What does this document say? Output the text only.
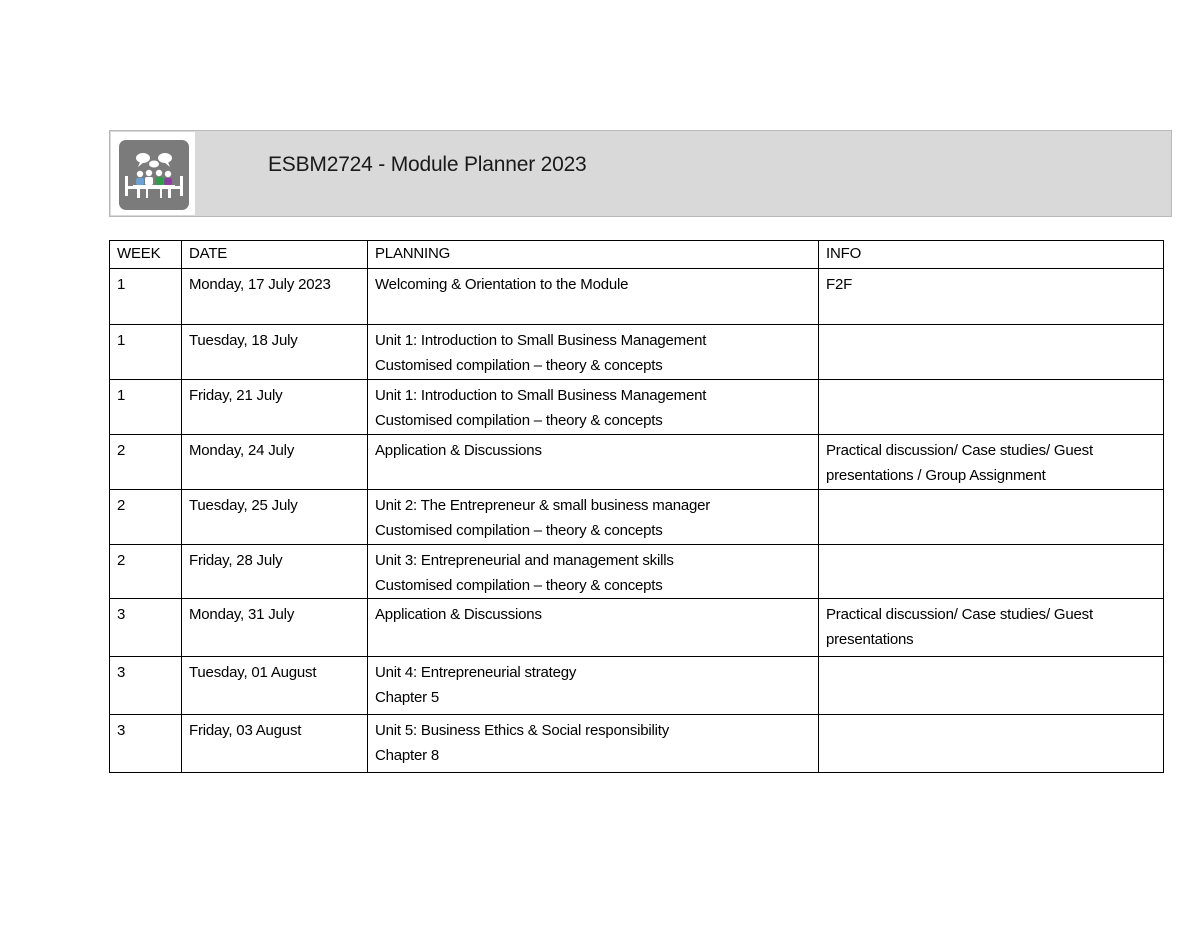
ESBM2724 - Module Planner 2023
WEEK	DATE	PLANNING	INFO
1	Monday, 17 July 2023	Welcoming & Orientation to the Module	F2F

1	Tuesday, 18 July	Unit 1: Introduction to Small Business Management
Customised compilation – theory & concepts	

1	Friday, 21 July	Unit 1: Introduction to Small Business Management
Customised compilation – theory & concepts	

2	Monday, 24 July	Application & Discussions	Practical discussion/ Case studies/ Guest presentations / Group Assignment

2	Tuesday, 25 July	Unit 2: The Entrepreneur & small business manager
Customised compilation – theory & concepts	

2	Friday, 28 July	Unit 3: Entrepreneurial and management skills
Customised compilation – theory & concepts	

3	Monday, 31 July	Application & Discussions	Practical discussion/ Case studies/ Guest presentations

3	Tuesday, 01 August	Unit 4: Entrepreneurial strategy
Chapter 5	

3	Friday, 03 August	Unit 5: Business Ethics & Social responsibility
Chapter 8	
